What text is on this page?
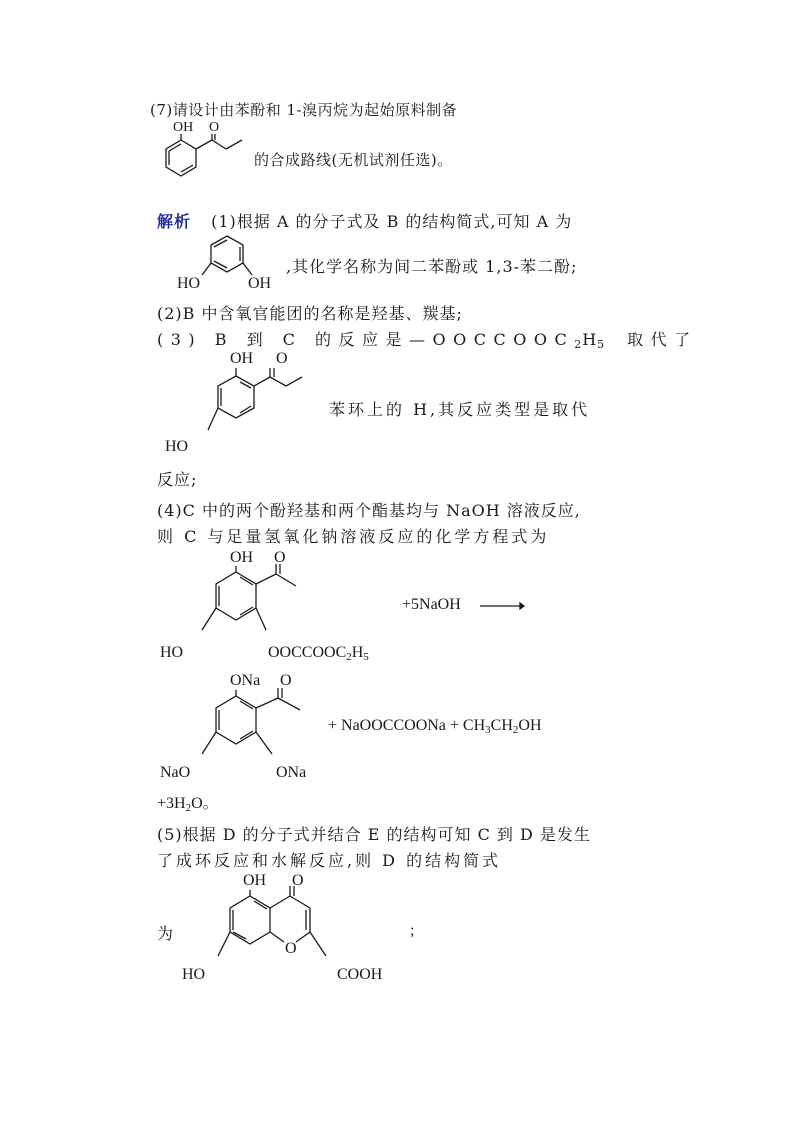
(7)请设计由苯酚和 1-溴丙烷为起始原料制备
OH O
的合成路线(无机试剂任选)。
解析 (1)根据 A 的分子式及 B 的结构简式,可知 A 为
HO	OH
,其化学名称为间二苯酚或 1,3-苯二酚;
(2)B 中含氧官能团的名称是羟基、羰基;
(3) B 到 C 的反应是$—OOCCOOC_2H_5$ 取代了
OH O
HO
苯环上的 H,其反应类型是取代
反应;
(4)C 中的两个酚羟基和两个酯基均与 NaOH 溶液反应,
则 C 与足量氢氧化钠溶液反应的化学方程式为
OH O
HO	$OOCCOOC_2H_5$
+5NaOH →
ONa O
NaO	ONa
+ NaOOCCOONa + $CH_3CH_2OH$
$+3H_2O$。
(5)根据 D 的分子式并结合 E 的结构可知 C 到 D 是发生
了成环反应和水解反应,则 D 的结构简式
为
OH O
O
;
HO	COOH
